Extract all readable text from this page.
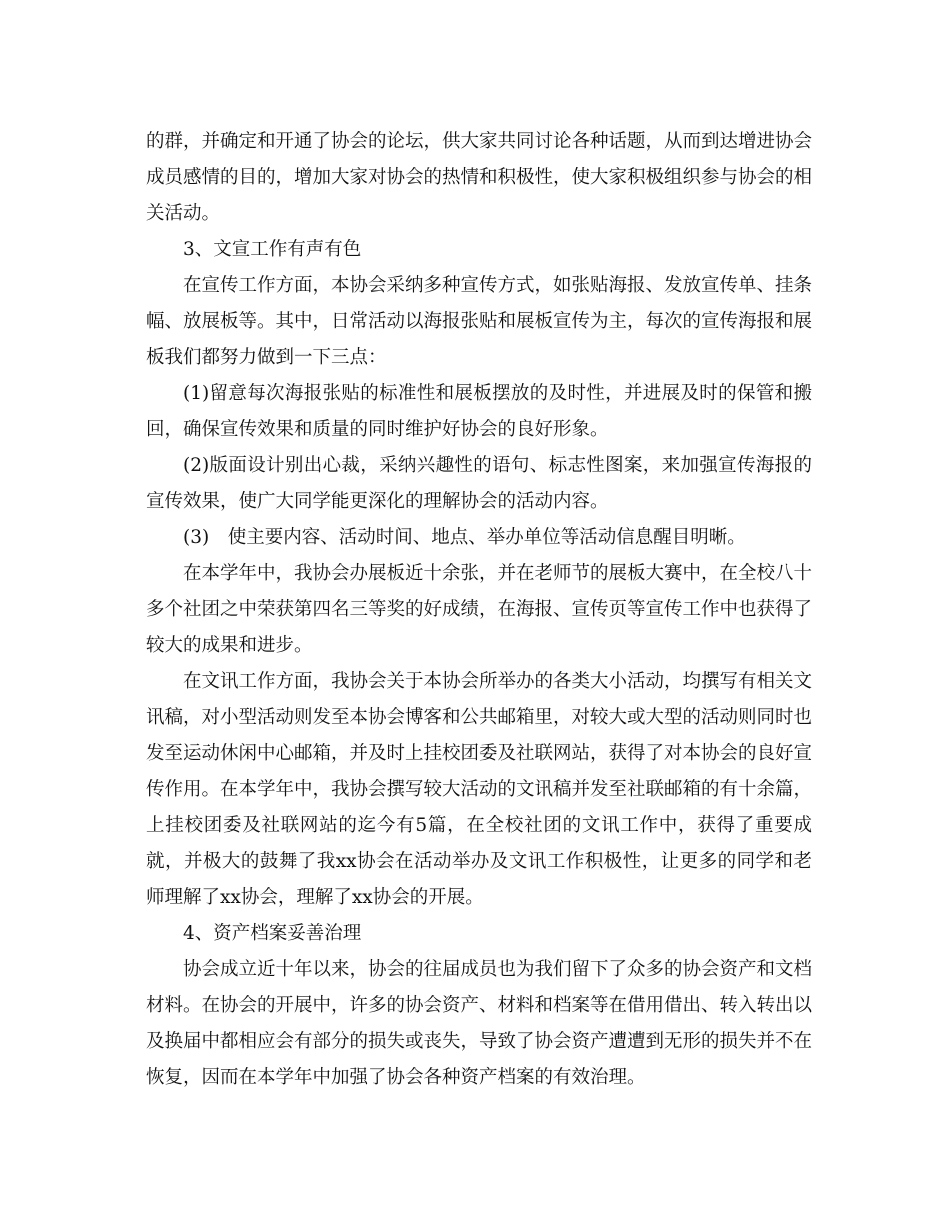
的群，并确定和开通了协会的论坛，供大家共同讨论各种话题，从而到达增进协会成员感情的目的，增加大家对协会的热情和积极性，使大家积极组织参与协会的相关活动。

3、文宣工作有声有色

在宣传工作方面，本协会采纳多种宣传方式，如张贴海报、发放宣传单、挂条幅、放展板等。其中，日常活动以海报张贴和展板宣传为主，每次的宣传海报和展板我们都努力做到一下三点：

(1)留意每次海报张贴的标准性和展板摆放的及时性，并进展及时的保管和搬回，确保宣传效果和质量的同时维护好协会的良好形象。

(2)版面设计别出心裁，采纳兴趣性的语句、标志性图案，来加强宣传海报的宣传效果，使广大同学能更深化的理解协会的活动内容。

(3)　使主要内容、活动时间、地点、举办单位等活动信息醒目明晰。

在本学年中，我协会办展板近十余张，并在老师节的展板大赛中，在全校八十多个社团之中荣获第四名三等奖的好成绩，在海报、宣传页等宣传工作中也获得了较大的成果和进步。

在文讯工作方面，我协会关于本协会所举办的各类大小活动，均撰写有相关文讯稿，对小型活动则发至本协会博客和公共邮箱里，对较大或大型的活动则同时也发至运动休闲中心邮箱，并及时上挂校团委及社联网站，获得了对本协会的良好宣传作用。在本学年中，我协会撰写较大活动的文讯稿并发至社联邮箱的有十余篇，上挂校团委及社联网站的迄今有5篇，在全校社团的文讯工作中，获得了重要成就，并极大的鼓舞了我xx协会在活动举办及文讯工作积极性，让更多的同学和老师理解了xx协会，理解了xx协会的开展。

4、资产档案妥善治理

协会成立近十年以来，协会的往届成员也为我们留下了众多的协会资产和文档材料。在协会的开展中，许多的协会资产、材料和档案等在借用借出、转入转出以及换届中都相应会有部分的损失或丧失，导致了协会资产遭遭到无形的损失并不在恢复，因而在本学年中加强了协会各种资产档案的有效治理。
